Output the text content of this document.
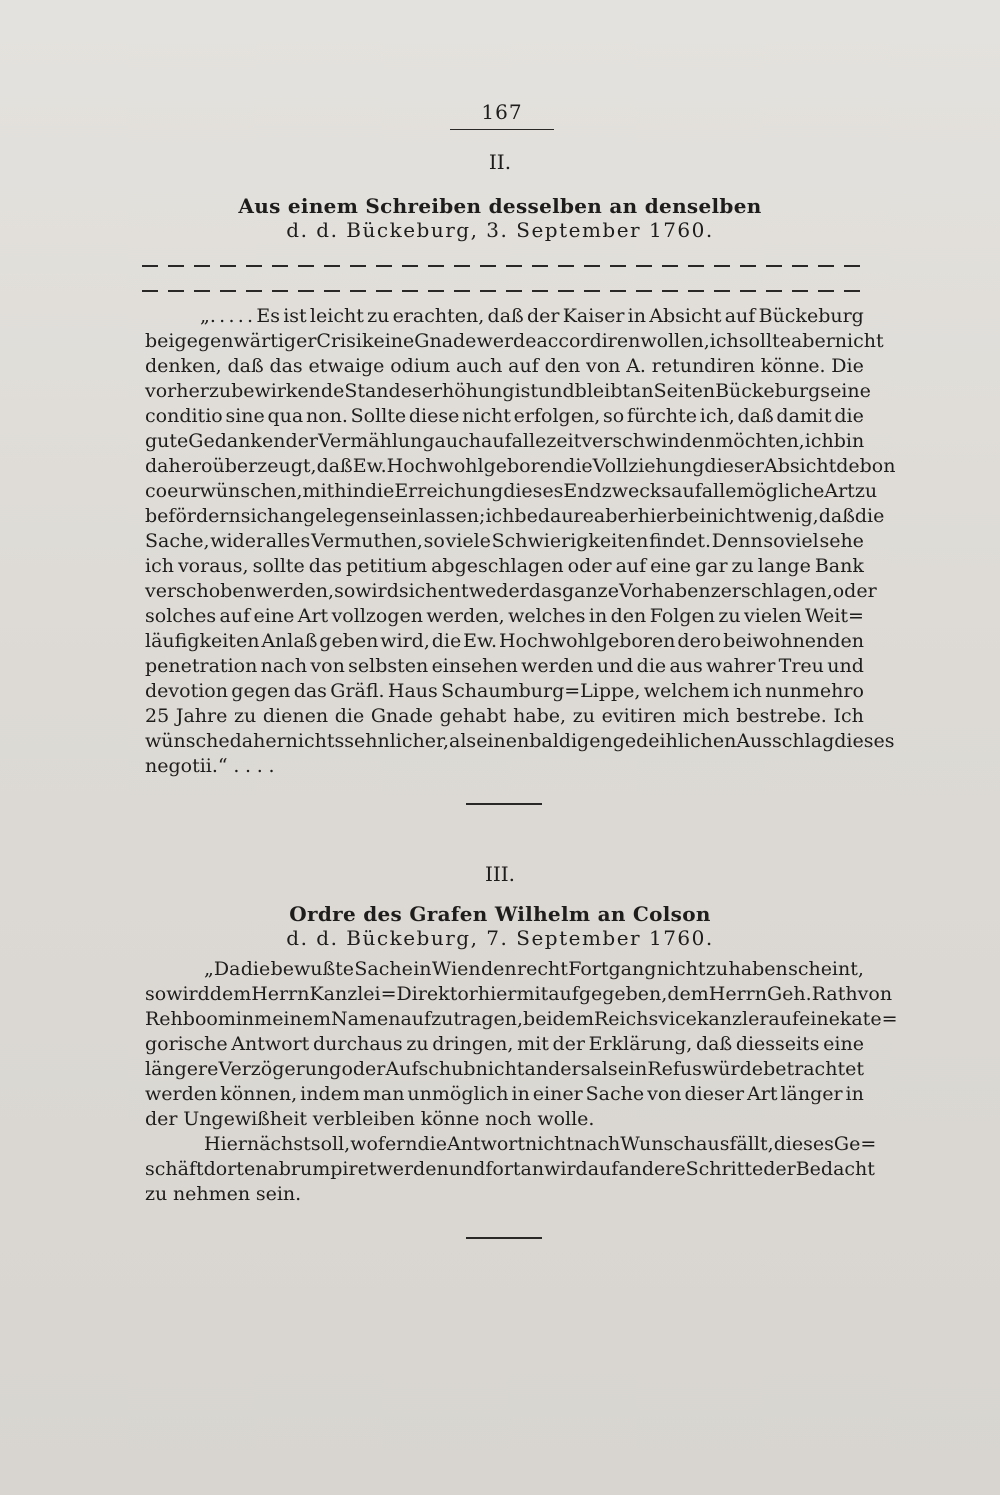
167
II.
Aus einem Schreiben desselben an denselben
d. d. Bückeburg, 3. September 1760.
„. . . . . Es ist leicht zu erachten, daß der Kaiser in Absicht auf Bückeburg
bei gegenwärtiger Crisi keine Gnade werde accordiren wollen, ich sollte aber nicht
denken, daß das etwaige odium auch auf den von A. retundiren könne. Die
vorher zu bewirkende Standeserhöhung ist und bleibt an Seiten Bückeburgs eine
conditio sine qua non. Sollte diese nicht erfolgen, so fürchte ich, daß damit die
gute Gedanken der Vermählung auch auf allezeit verschwinden möchten, ich bin
dahero überzeugt, daß Ew. Hochwohlgeboren die Vollziehung dieser Absicht de bon
coeur wünschen, mithin die Erreichung dieses Endzwecks auf alle mögliche Art zu
befördern sich angelegen sein lassen; ich bedaure aber hierbei nicht wenig, daß die
Sache, wider alles Vermuthen, so viele Schwierigkeiten findet. Denn soviel sehe
ich voraus, sollte das petitium abgeschlagen oder auf eine gar zu lange Bank
verschoben werden, so wird sich entweder das ganze Vorhaben zerschlagen, oder
solches auf eine Art vollzogen werden, welches in den Folgen zu vielen Weit=
läufigkeiten Anlaß geben wird, die Ew. Hochwohlgeboren dero beiwohnenden
penetration nach von selbsten einsehen werden und die aus wahrer Treu und
devotion gegen das Gräfl. Haus Schaumburg=Lippe, welchem ich nunmehro
25 Jahre zu dienen die Gnade gehabt habe, zu evitiren mich bestrebe. Ich
wünsche daher nichts sehnlicher, als einen baldigen gedeihlichen Ausschlag dieses
negotii.“ . . . .
III.
Ordre des Grafen Wilhelm an Colson
d. d. Bückeburg, 7. September 1760.
„Da die bewußte Sache in Wien den recht Fortgang nicht zu haben scheint,
so wird dem Herrn Kanzlei=Direktor hiermit aufgegeben, dem Herrn Geh. Rath von
Rehboom in meinem Namen aufzutragen, bei dem Reichsvicekanzler auf eine kate=
gorische Antwort durchaus zu dringen, mit der Erklärung, daß diesseits eine
längere Verzögerung oder Aufschub nicht anders als ein Refus würde betrachtet
werden können, indem man unmöglich in einer Sache von dieser Art länger in
der Ungewißheit verbleiben könne noch wolle.
Hiernächst soll, wofern die Antwort nicht nach Wunsch ausfällt, dieses Ge=
schäft dorten abrumpiret werden und fortan wird auf andere Schritte der Bedacht
zu nehmen sein.
